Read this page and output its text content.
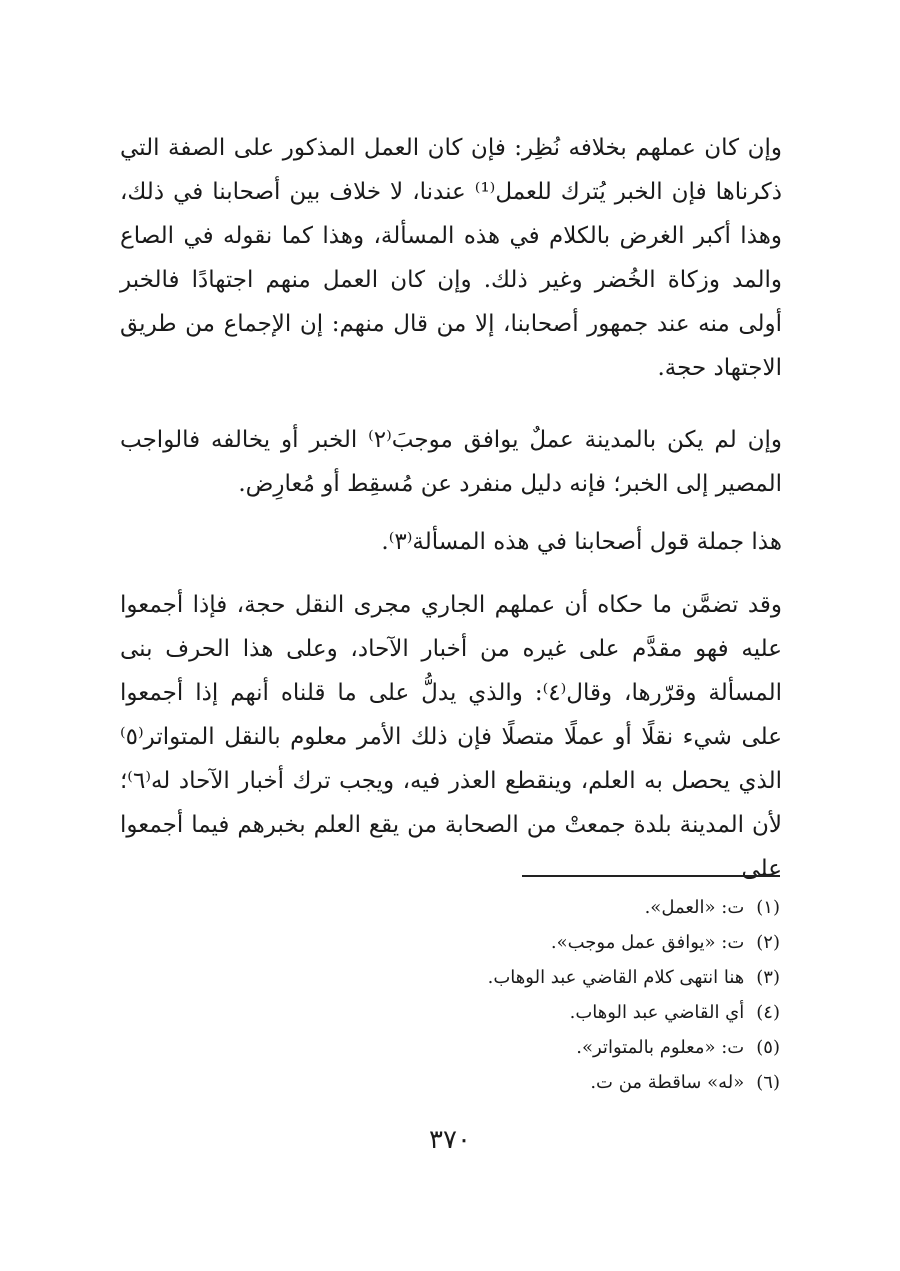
وإن كان عملهم بخلافه نُظِر: فإن كان العمل المذكور على الصفة التي ذكرناها فإن الخبر يُترك للعمل⁽¹⁾ عندنا، لا خلاف بين أصحابنا في ذلك، وهذا أكبر الغرض بالكلام في هذه المسألة، وهذا كما نقوله في الصاع والمد وزكاة الخُضر وغير ذلك. وإن كان العمل منهم اجتهادًا فالخبر أولى منه عند جمهور أصحابنا، إلا من قال منهم: إن الإجماع من طريق الاجتهاد حجة.

وإن لم يكن بالمدينة عملٌ يوافق موجبَ⁽٢⁾ الخبر أو يخالفه فالواجب المصير إلى الخبر؛ فإنه دليل منفرد عن مُسقِط أو مُعارِض.

هذا جملة قول أصحابنا في هذه المسألة⁽٣⁾.

وقد تضمَّن ما حكاه أن عملهم الجاري مجرى النقل حجة، فإذا أجمعوا عليه فهو مقدَّم على غيره من أخبار الآحاد، وعلى هذا الحرف بنى المسألة وقرّرها، وقال⁽٤⁾: والذي يدلُّ على ما قلناه أنهم إذا أجمعوا على شيء نقلًا أو عملًا متصلًا فإن ذلك الأمر معلوم بالنقل المتواتر⁽٥⁾ الذي يحصل به العلم، وينقطع العذر فيه، ويجب ترك أخبار الآحاد له⁽٦⁾؛ لأن المدينة بلدة جمعتْ من الصحابة من يقع العلم بخبرهم فيما أجمعوا على

(١)ت: «العمل».
(٢)ت: «يوافق عمل موجب».
(٣)هنا انتهى كلام القاضي عبد الوهاب.
(٤)أي القاضي عبد الوهاب.
(٥)ت: «معلوم بالمتواتر».
(٦)«له» ساقطة من ت.
٣٧٠
